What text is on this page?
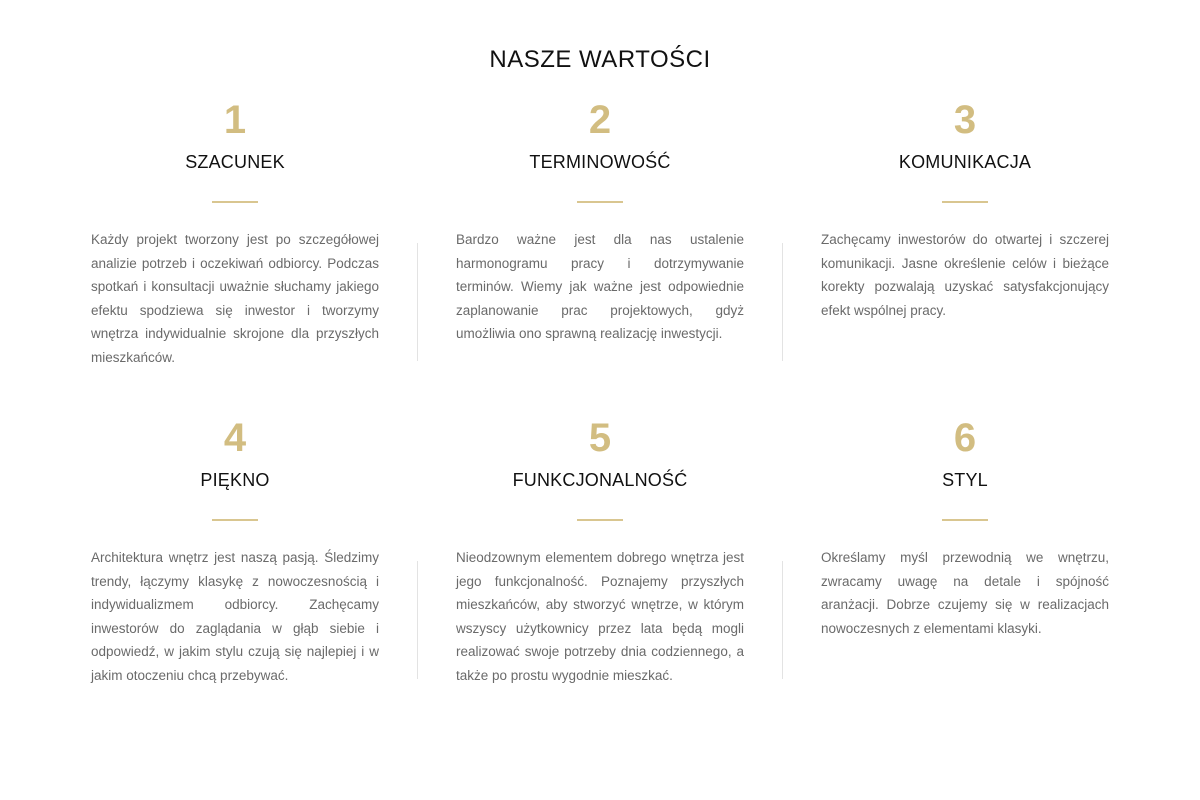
NASZE WARTOŚCI
1
SZACUNEK
Każdy projekt tworzony jest po szczegółowej analizie potrzeb i oczekiwań odbiorcy. Podczas spotkań i konsultacji uważnie słuchamy jakiego efektu spodziewa się inwestor i tworzymy wnętrza indywidualnie skrojone dla przyszłych mieszkańców.
2
TERMINOWOŚĆ
Bardzo ważne jest dla nas ustalenie harmonogramu pracy i dotrzymywanie terminów. Wiemy jak ważne jest odpowiednie zaplanowanie prac projektowych, gdyż umożliwia ono sprawną realizację inwestycji.
3
KOMUNIKACJA
Zachęcamy inwestorów do otwartej i szczerej komunikacji. Jasne określenie celów i bieżące korekty pozwalają uzyskać satysfakcjonujący efekt wspólnej pracy.
4
PIĘKNO
Architektura wnętrz jest naszą pasją. Śledzimy trendy, łączymy klasykę z nowoczesnością i indywidualizmem odbiorcy. Zachęcamy inwestorów do zaglądania w głąb siebie i odpowiedź, w jakim stylu czują się najlepiej i w jakim otoczeniu chcą przebywać.
5
FUNKCJONALNOŚĆ
Nieodzownym elementem dobrego wnętrza jest jego funkcjonalność. Poznajemy przyszłych mieszkańców, aby stworzyć wnętrze, w którym wszyscy użytkownicy przez lata będą mogli realizować swoje potrzeby dnia codziennego, a także po prostu wygodnie mieszkać.
6
STYL
Określamy myśl przewodnią we wnętrzu, zwracamy uwagę na detale i spójność aranżacji. Dobrze czujemy się w realizacjach nowoczesnych z elementami klasyki.
